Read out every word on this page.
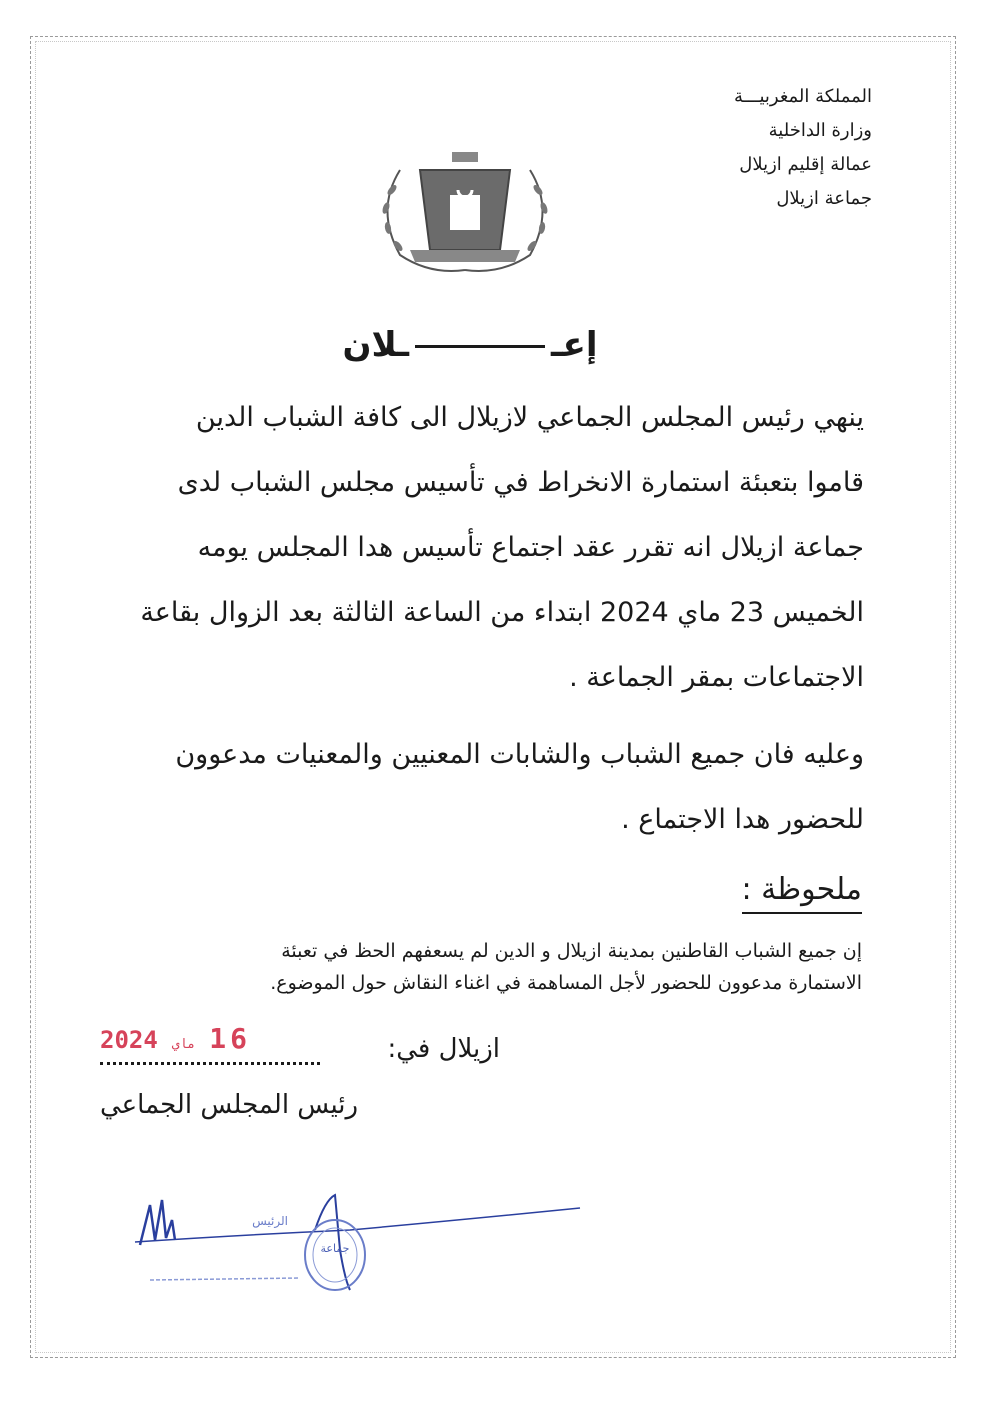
المملكة المغربيـــة
وزارة الداخلية
عمالة إقليم ازيلال
جماعة ازيلال
إعــلان
ينهي رئيس المجلس الجماعي لازيلال الى كافة الشباب الدين
قاموا بتعبئة استمارة الانخراط في تأسيس مجلس الشباب لدى
جماعة ازيلال انه تقرر عقد اجتماع تأسيس هدا المجلس يومه
الخميس 23 ماي 2024 ابتداء من الساعة الثالثة بعد الزوال بقاعة
الاجتماعات بمقر الجماعة .
وعليه فان جميع الشباب والشابات المعنيين والمعنيات مدعوون
للحضور هدا الاجتماع .
ملحوظة :
إن جميع الشباب القاطنين بمدينة ازيلال و الدين لم يسعفهم الحظ في تعبئة
الاستمارة مدعوون للحضور لأجل المساهمة في اغناء النقاش حول الموضوع.
2024 ماي 16	ازيلال في:
رئيس المجلس الجماعي
جماعة
الرئيس
